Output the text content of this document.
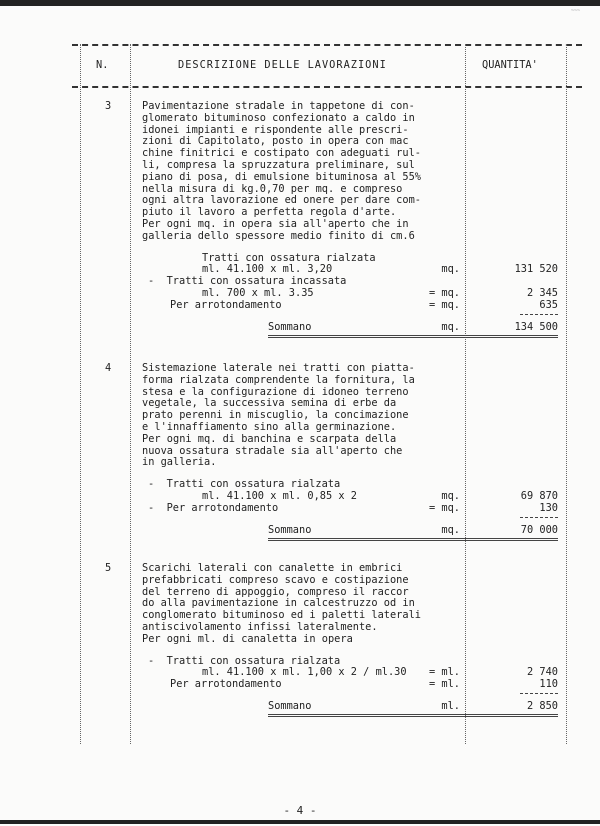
~~~
N.	DESCRIZIONE DELLE LAVORAZIONI	QUANTITA'
3	Pavimentazione stradale in tappetone di con-
glomerato bituminoso confezionato a caldo in
idonei impianti e rispondente alle prescri-
zioni di Capitolato, posto in opera con mac
chine finitrici e costipato con adeguati rul-
li, compresa la spruzzatura preliminare, sul
piano di posa, di emulsione bituminosa al 55%
nella misura di kg.0,70 per mq. e compreso
ogni altra lavorazione ed onere per dare com-
piuto il lavoro a perfetta regola d'arte.
Per ogni mq. in opera sia all'aperto che in
galleria dello spessore medio finito di cm.6
Tratti con ossatura rialzata
ml. 41.100 x ml. 3,20	mq.	131 520
-  Tratti con ossatura incassata
ml. 700 x ml. 3.35	= mq.	2 345
Per arrotondamento	= mq.	635
Sommano	mq.	134 500
4	Sistemazione laterale nei tratti con piatta-
forma rialzata comprendente la fornitura, la
stesa e la configurazione di idoneo terreno
vegetale, la successiva semina di erbe da
prato perenni in miscuglio, la concimazione
e l'innaffiamento sino alla germinazione.
Per ogni mq. di banchina e scarpata della
nuova ossatura stradale sia all'aperto che
in galleria.
-  Tratti con ossatura rialzata
ml. 41.100 x ml. 0,85 x 2	mq.	69 870
-  Per arrotondamento	= mq.	130
Sommano	mq.	70 000
5	Scarichi laterali con canalette in embrici
prefabbricati compreso scavo e costipazione
del terreno di appoggio, compreso il raccor
do alla pavimentazione in calcestruzzo od in
conglomerato bituminoso ed i paletti laterali
antiscivolamento infissi lateralmente.
Per ogni ml. di canaletta in opera
-  Tratti con ossatura rialzata
ml. 41.100 x ml. 1,00 x 2 / ml.30	= ml.	2 740
Per arrotondamento	= ml.	110
Sommano	ml.	2 850
- 4 -
